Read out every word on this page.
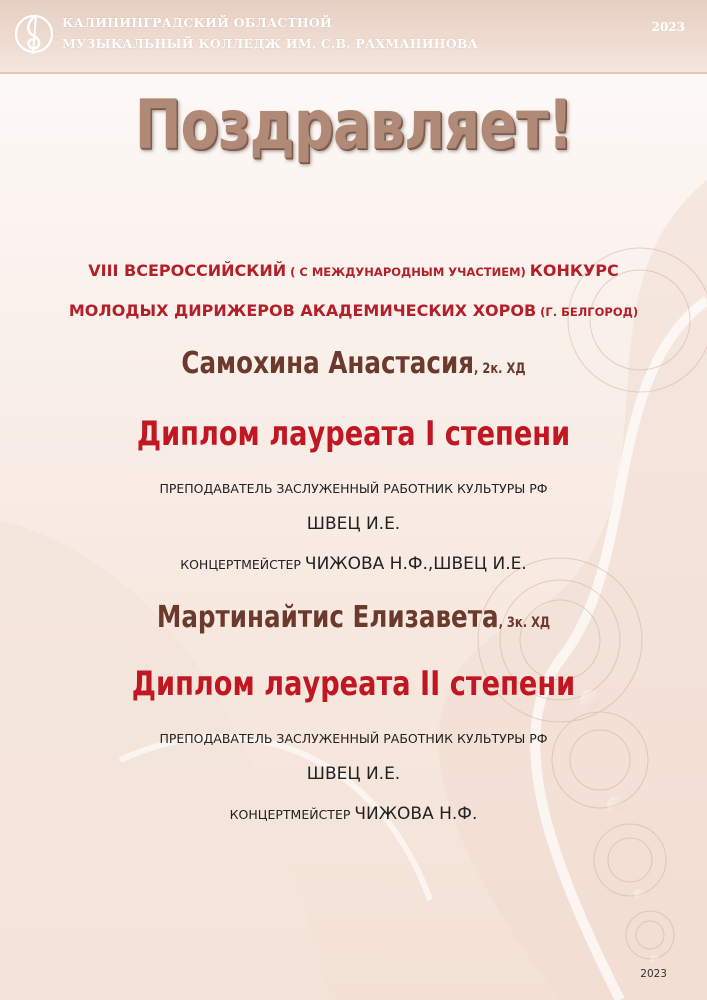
КАЛИНИНГРАДСКИЙ ОБЛАСТНОЙ
МУЗЫКАЛЬНЫЙ КОЛЛЕДЖ ИМ. С.В. РАХМАНИНОВА
2023
Поздравляет!
VIII ВСЕРОССИЙСКИЙ ( С МЕЖДУНАРОДНЫМ УЧАСТИЕМ) КОНКУРС
МОЛОДЫХ ДИРИЖЕРОВ АКАДЕМИЧЕСКИХ ХОРОВ (Г. БЕЛГОРОД)
Самохина Анастасия, 2к. ХД
Диплом лауреата I степени
ПРЕПОДАВАТЕЛЬ ЗАСЛУЖЕННЫЙ РАБОТНИК КУЛЬТУРЫ РФ
ШВЕЦ И.Е.
КОНЦЕРТМЕЙСТЕР ЧИЖОВА Н.Ф.,ШВЕЦ И.Е.
Мартинайтис Елизавета, 3к. ХД
Диплом лауреата II степени
ПРЕПОДАВАТЕЛЬ ЗАСЛУЖЕННЫЙ РАБОТНИК КУЛЬТУРЫ РФ
ШВЕЦ И.Е.
КОНЦЕРТМЕЙСТЕР ЧИЖОВА Н.Ф.
2023
